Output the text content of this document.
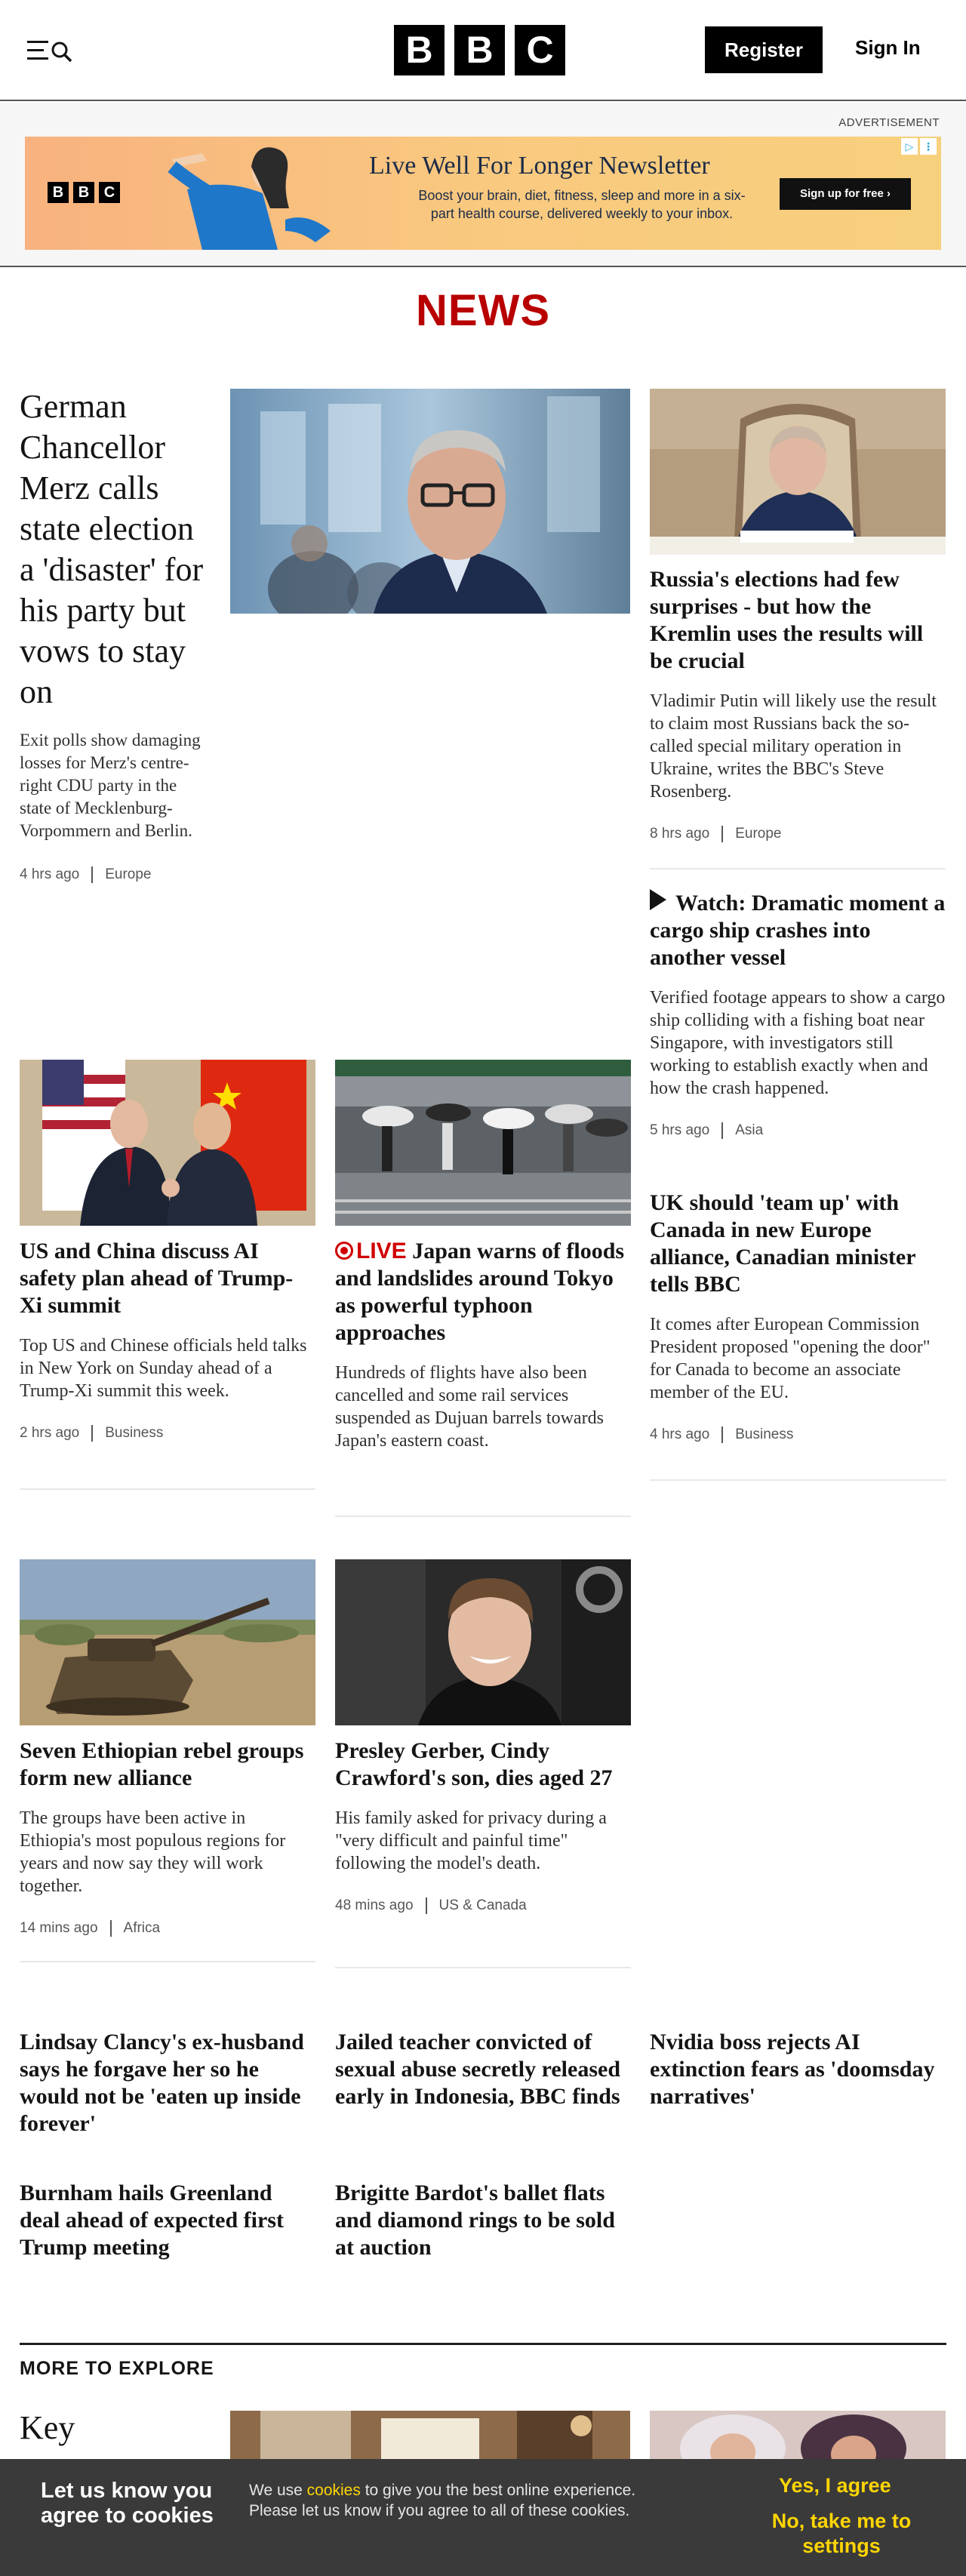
B B C	Register	Sign In
ADVERTISEMENT
B B C
Live Well For Longer Newsletter
Boost your brain, diet, fitness, sleep and more in a six-part health course, delivered weekly to your inbox.
Sign up for free ›
▷ ⋮
NEWS
German Chancellor Merz calls state election a 'disaster' for his party but vows to stay on
Exit polls show damaging losses for Merz's centre-right CDU party in the state of Mecklenburg-Vorpommern and Berlin.
4 hrs ago Europe
Russia's elections had few surprises - but how the Kremlin uses the results will be crucial
Vladimir Putin will likely use the result to claim most Russians back the so-called special military operation in Ukraine, writes the BBC's Steve Rosenberg.
8 hrs ago Europe
Watch: Dramatic moment a cargo ship crashes into another vessel
Verified footage appears to show a cargo ship colliding with a fishing boat near Singapore, with investigators still working to establish exactly when and how the crash happened.
5 hrs ago Asia
UK should 'team up' with Canada in new Europe alliance, Canadian minister tells BBC
It comes after European Commission President proposed "opening the door" for Canada to become an associate member of the EU.
4 hrs ago Business
US and China discuss AI safety plan ahead of Trump-Xi summit
Top US and Chinese officials held talks in New York on Sunday ahead of a Trump-Xi summit this week.
2 hrs ago Business
LIVE Japan warns of floods and landslides around Tokyo as powerful typhoon approaches
Hundreds of flights have also been cancelled and some rail services suspended as Dujuan barrels towards Japan's eastern coast.
Seven Ethiopian rebel groups form new alliance
The groups have been active in Ethiopia's most populous regions for years and now say they will work together.
14 mins ago Africa
Presley Gerber, Cindy Crawford's son, dies aged 27
His family asked for privacy during a "very difficult and painful time" following the model's death.
48 mins ago US & Canada
Lindsay Clancy's ex-husband says he forgave her so he would not be 'eaten up inside forever'
Jailed teacher convicted of sexual abuse secretly released early in Indonesia, BBC finds
Nvidia boss rejects AI extinction fears as 'doomsday narratives'
Burnham hails Greenland deal ahead of expected first Trump meeting
Brigitte Bardot's ballet flats and diamond rings to be sold at auction
MORE TO EXPLORE
Key
Let us know you agree to cookies
We use cookies to give you the best online experience. Please let us know if you agree to all of these cookies.
Yes, I agree
No, take me to settings
